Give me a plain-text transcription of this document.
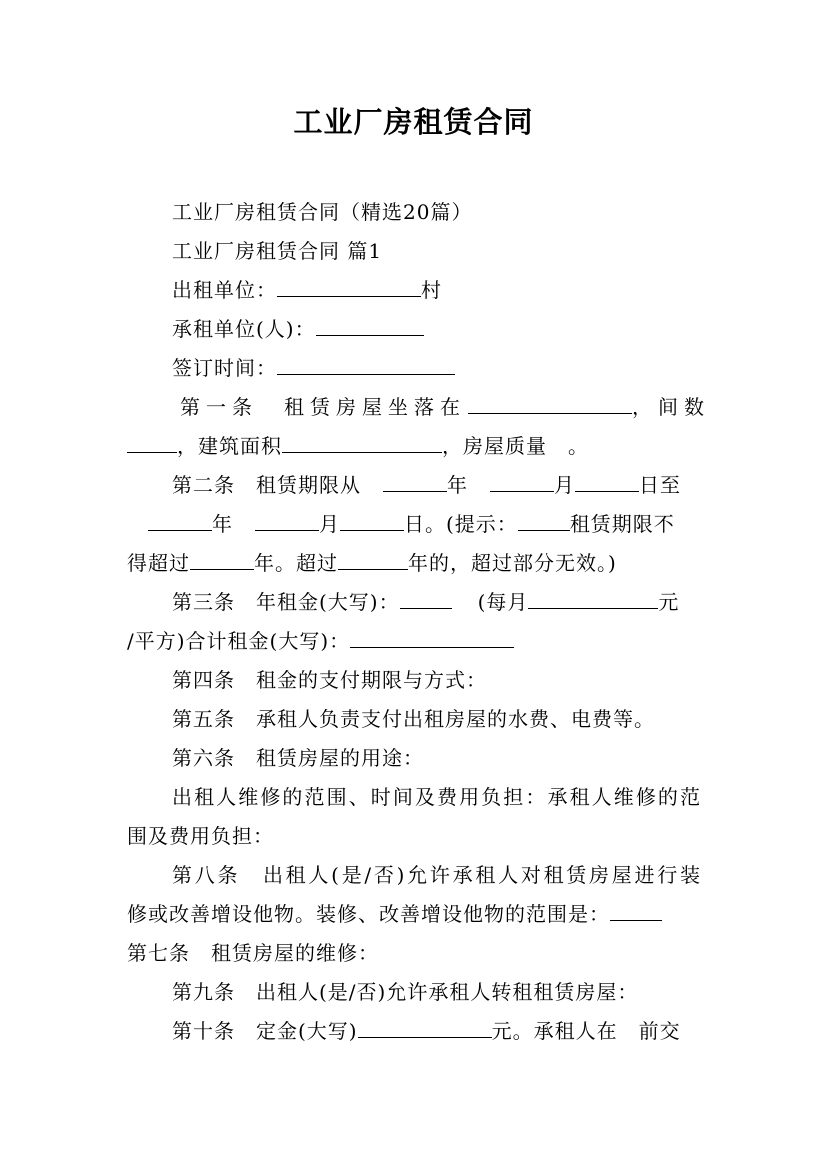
工业厂房租赁合同
工业厂房租赁合同（精选20篇）
工业厂房租赁合同 篇1
出租单位：	村
承租单位(人)：
签订时间：
第一条　租赁房屋坐落在	，间数
，建筑面积	，房屋质量　。
第二条　租赁期限从	年	月	日至
年	月	日。(提示：	租赁期限不
得超过	年。超过	年的，超过部分无效。)
第三条　年租金(大写)：	(每月	元
/平方)合计租金(大写)：
第四条　租金的支付期限与方式：
第五条　承租人负责支付出租房屋的水费、电费等。
第六条　租赁房屋的用途：
出租人维修的范围、时间及费用负担：承租人维修的范
围及费用负担：
第八条　出租人(是/否)允许承租人对租赁房屋进行装
修或改善增设他物。装修、改善增设他物的范围是：
第七条　租赁房屋的维修：
第九条　出租人(是/否)允许承租人转租租赁房屋：
第十条　定金(大写)	元。承租人在　前交
